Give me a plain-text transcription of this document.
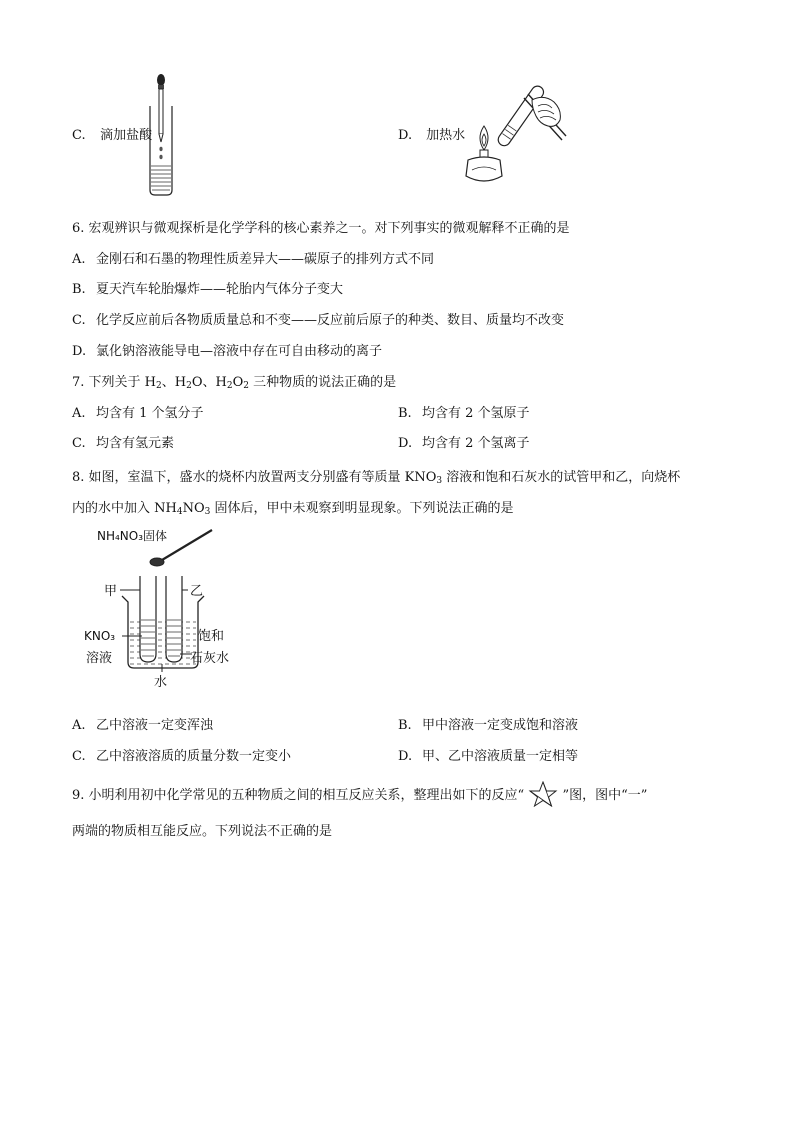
C. 滴加盐酸	D. 加热水
6. 宏观辨识与微观探析是化学学科的核心素养之一。对下列事实的微观解释不正确的是
A. 金刚石和石墨的物理性质差异大——碳原子的排列方式不同
B. 夏天汽车轮胎爆炸——轮胎内气体分子变大
C. 化学反应前后各物质质量总和不变——反应前后原子的种类、数目、质量均不改变
D. 氯化钠溶液能导电—溶液中存在可自由移动的离子
7. 下列关于 $H_2$、$H_2O$、$H_2O_2$ 三种物质的说法正确的是
A. 均含有 1 个氢分子	B. 均含有 2 个氢原子
C. 均含有氢元素	D. 均含有 2 个氢离子
8. 如图，室温下，盛水的烧杯内放置两支分别盛有等质量 $KNO_3$ 溶液和饱和石灰水的试管甲和乙，向烧杯
内的水中加入 $NH_4NO_3$ 固体后，甲中未观察到明显现象。下列说法正确的是
NH₄NO₃固体
甲	乙
KNO₃
溶液
饱和
石灰水
水
A. 乙中溶液一定变浑浊	B. 甲中溶液一定变成饱和溶液
C. 乙中溶液溶质的质量分数一定变小	D. 甲、乙中溶液质量一定相等
9. 小明利用初中化学常见的五种物质之间的相互反应关系，整理出如下的反应“	”图，图中“一”
两端的物质相互能反应。下列说法不正确的是
